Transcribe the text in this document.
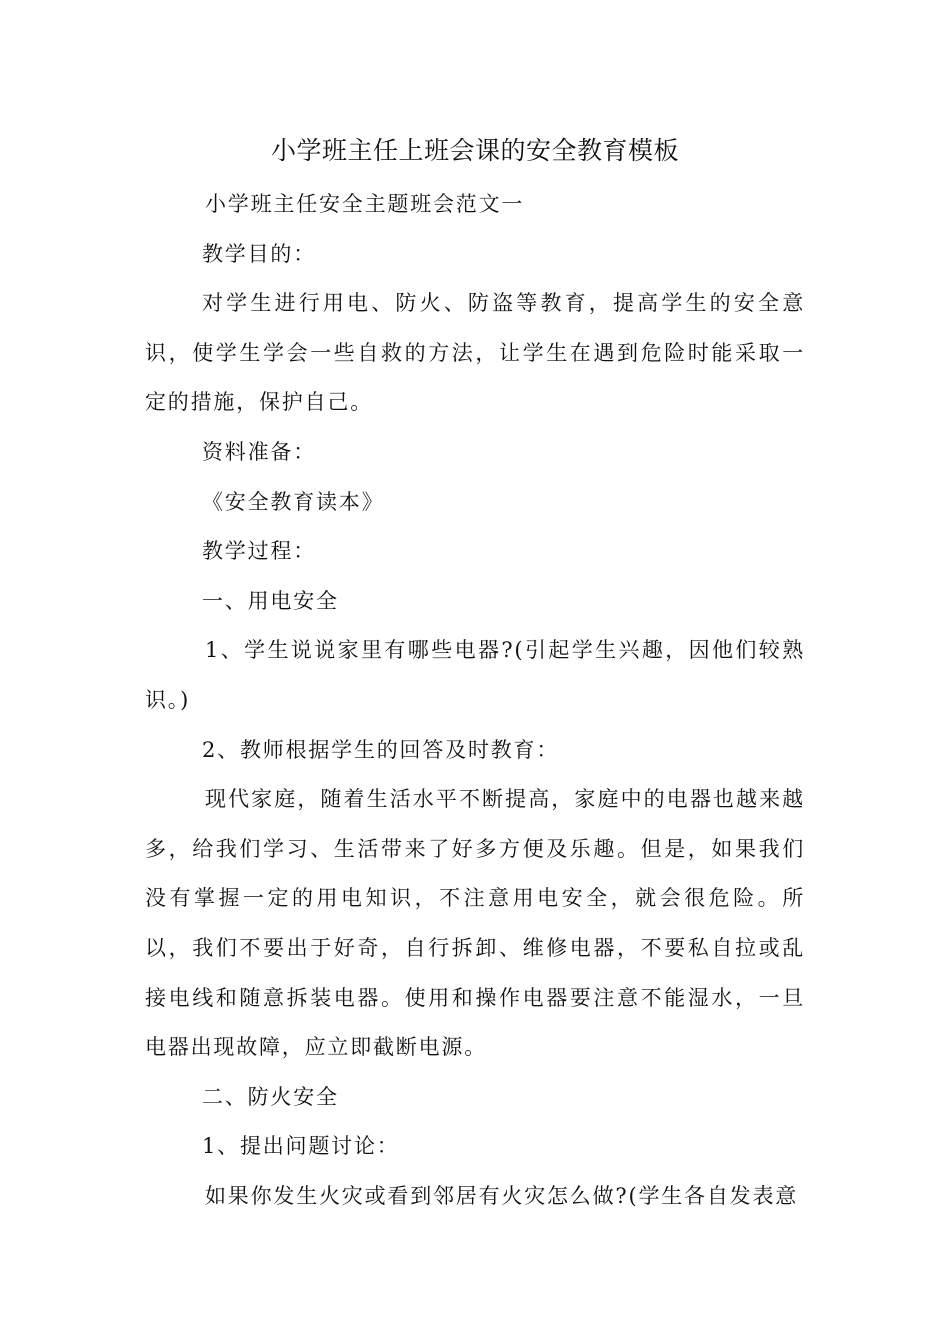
小学班主任上班会课的安全教育模板

小学班主任安全主题班会范文一

教学目的：

对学生进行用电、防火、防盗等教育，提高学生的安全意识，使学生学会一些自救的方法，让学生在遇到危险时能采取一定的措施，保护自己。

资料准备：

《安全教育读本》

教学过程：

一、用电安全

1、学生说说家里有哪些电器?(引起学生兴趣，因他们较熟识。)

2、教师根据学生的回答及时教育：

现代家庭，随着生活水平不断提高，家庭中的电器也越来越多，给我们学习、生活带来了好多方便及乐趣。但是，如果我们没有掌握一定的用电知识，不注意用电安全，就会很危险。所以，我们不要出于好奇，自行拆卸、维修电器，不要私自拉或乱接电线和随意拆装电器。使用和操作电器要注意不能湿水，一旦电器出现故障，应立即截断电源。

二、防火安全

1、提出问题讨论：

如果你发生火灾或看到邻居有火灾怎么做?(学生各自发表意
